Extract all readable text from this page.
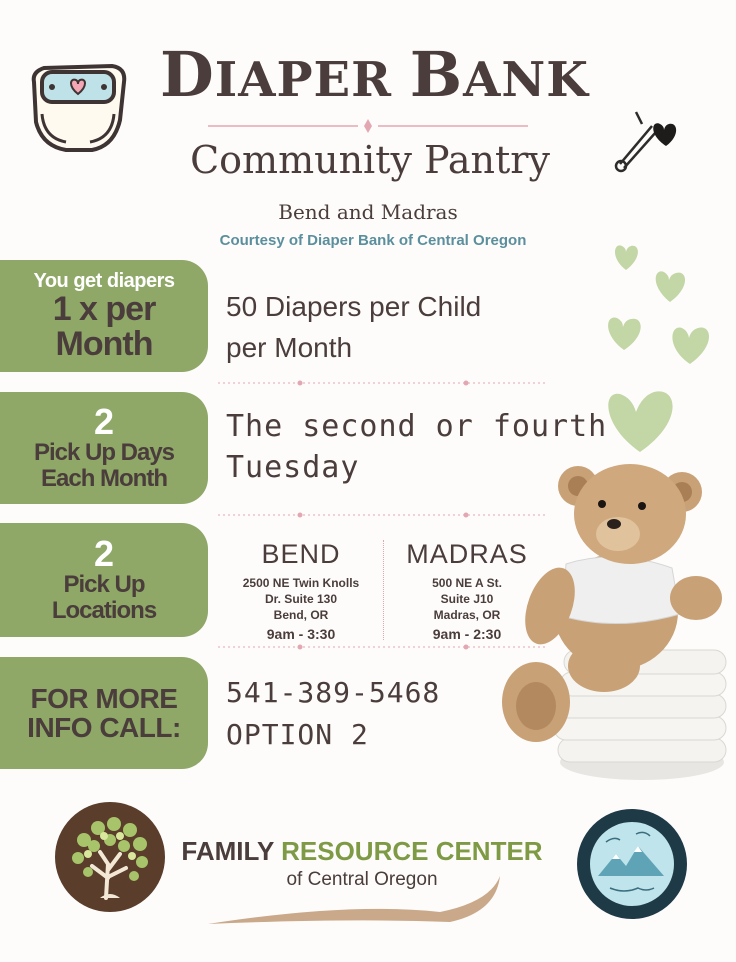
DIAPER BANK
Community Pantry
Bend and Madras
Courtesy of Diaper Bank of Central Oregon
You get diapers
1 x per
Month
50 Diapers per Child
per Month
2
Pick Up Days
Each Month
The second or fourth
Tuesday
2
Pick Up
Locations
BEND
2500 NE Twin Knolls
Dr. Suite 130
Bend, OR
9am - 3:30
MADRAS
500 NE A St.
Suite J10
Madras, OR
9am - 2:30
FOR MORE
INFO CALL:
541-389-5468
OPTION 2
FAMILY RESOURCE CENTER
of Central Oregon
